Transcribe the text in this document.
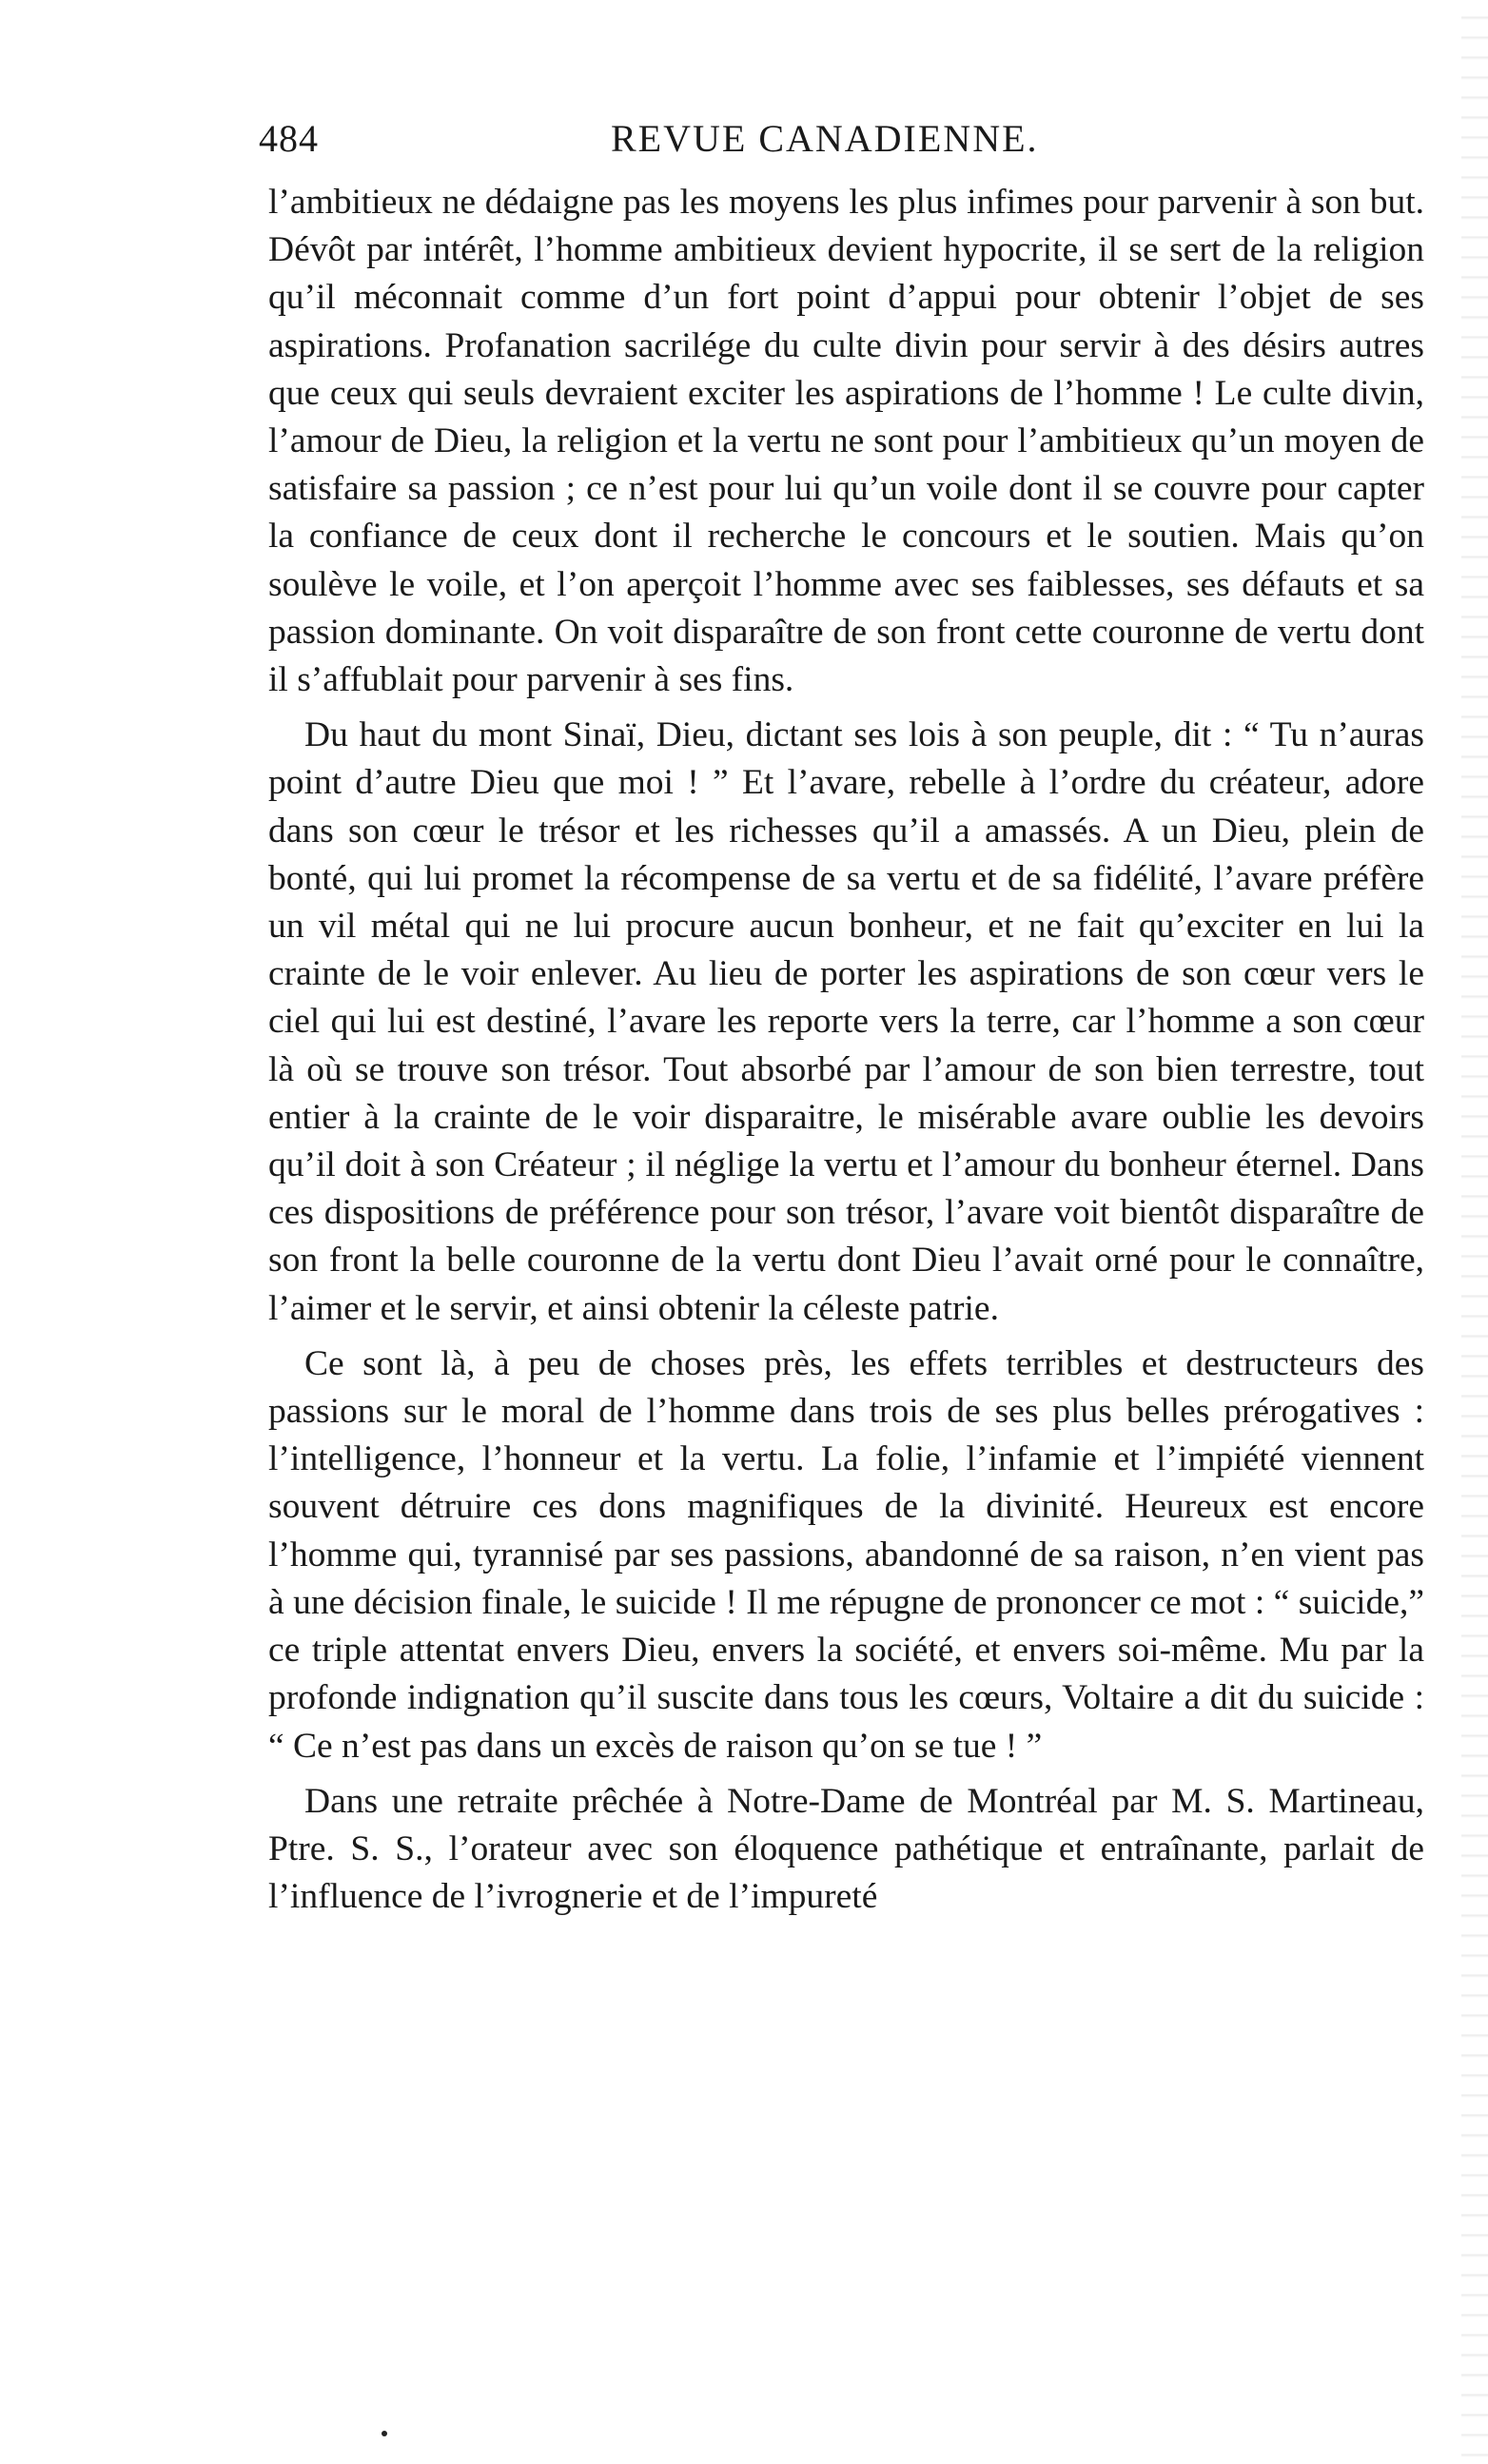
484	REVUE CANADIENNE.

l’ambitieux ne dédaigne pas les moyens les plus infimes pour parvenir à son but. Dévôt par intérêt, l’homme ambitieux devient hypocrite, il se sert de la religion qu’il méconnait comme d’un fort point d’appui pour obtenir l’objet de ses aspirations. Profanation sacrilége du culte divin pour servir à des désirs autres que ceux qui seuls devraient exciter les aspirations de l’homme ! Le culte divin, l’amour de Dieu, la religion et la vertu ne sont pour l’ambitieux qu’un moyen de satisfaire sa passion ; ce n’est pour lui qu’un voile dont il se couvre pour capter la confiance de ceux dont il recherche le concours et le soutien. Mais qu’on soulève le voile, et l’on aperçoit l’homme avec ses faiblesses, ses défauts et sa passion dominante. On voit disparaître de son front cette couronne de vertu dont il s’affublait pour parvenir à ses fins.

Du haut du mont Sinaï, Dieu, dictant ses lois à son peuple, dit : “ Tu n’auras point d’autre Dieu que moi ! ” Et l’avare, rebelle à l’ordre du créateur, adore dans son cœur le trésor et les richesses qu’il a amassés. A un Dieu, plein de bonté, qui lui promet la récompense de sa vertu et de sa fidélité, l’avare préfère un vil métal qui ne lui procure aucun bonheur, et ne fait qu’exciter en lui la crainte de le voir enlever. Au lieu de porter les aspirations de son cœur vers le ciel qui lui est destiné, l’avare les reporte vers la terre, car l’homme a son cœur là où se trouve son trésor. Tout absorbé par l’amour de son bien terrestre, tout entier à la crainte de le voir disparaitre, le misérable avare oublie les devoirs qu’il doit à son Créateur ; il néglige la vertu et l’amour du bonheur éternel. Dans ces dispositions de préférence pour son trésor, l’avare voit bientôt disparaître de son front la belle couronne de la vertu dont Dieu l’avait orné pour le connaître, l’aimer et le servir, et ainsi obtenir la céleste patrie.

Ce sont là, à peu de choses près, les effets terribles et destructeurs des passions sur le moral de l’homme dans trois de ses plus belles prérogatives : l’intelligence, l’honneur et la vertu. La folie, l’infamie et l’impiété viennent souvent détruire ces dons magnifiques de la divinité. Heureux est encore l’homme qui, tyrannisé par ses passions, abandonné de sa raison, n’en vient pas à une décision finale, le suicide ! Il me répugne de prononcer ce mot : “ suicide,” ce triple attentat envers Dieu, envers la société, et envers soi-même. Mu par la profonde indignation qu’il suscite dans tous les cœurs, Voltaire a dit du suicide : “ Ce n’est pas dans un excès de raison qu’on se tue ! ”

Dans une retraite prêchée à Notre-Dame de Montréal par M. S. Martineau, Ptre. S. S., l’orateur avec son éloquence pathétique et entraînante, parlait de l’influence de l’ivrognerie et de l’impureté
